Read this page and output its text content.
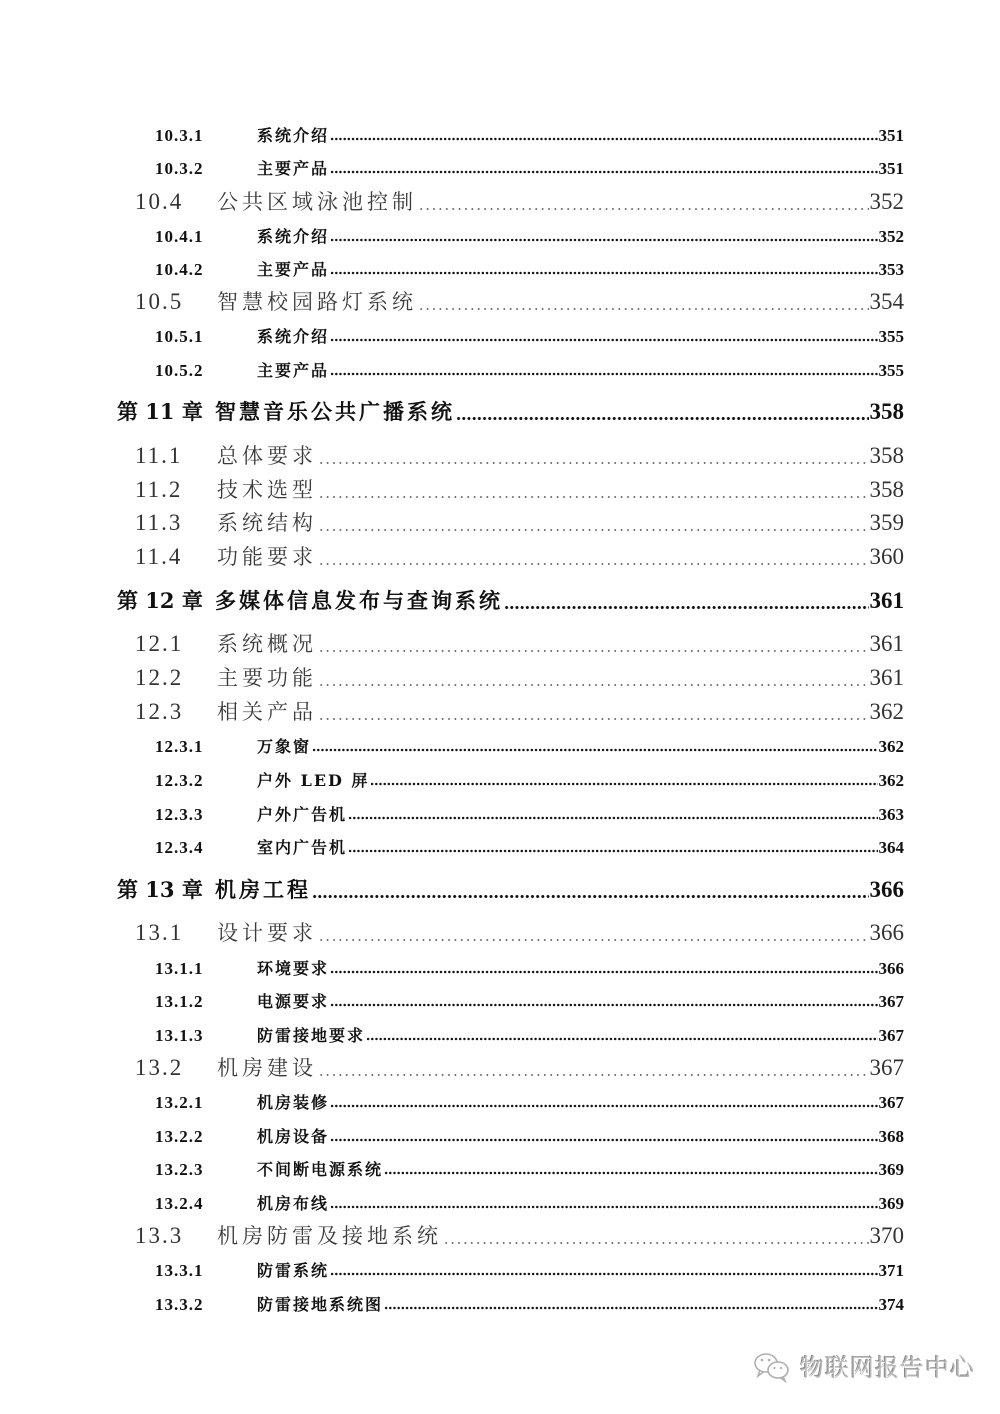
10.3.1	系统介绍	351
10.3.2	主要产品	351
10.4	公共区域泳池控制	352
10.4.1	系统介绍	352
10.4.2	主要产品	353
10.5	智慧校园路灯系统	354
10.5.1	系统介绍	355
10.5.2	主要产品	355
第 11 章 智慧音乐公共广播系统	358
11.1	总体要求	358
11.2	技术选型	358
11.3	系统结构	359
11.4	功能要求	360
第 12 章 多媒体信息发布与查询系统	361
12.1	系统概况	361
12.2	主要功能	361
12.3	相关产品	362
12.3.1	万象窗	362
12.3.2	户外 LED 屏	362
12.3.3	户外广告机	363
12.3.4	室内广告机	364
第 13 章 机房工程	366
13.1	设计要求	366
13.1.1	环境要求	366
13.1.2	电源要求	367
13.1.3	防雷接地要求	367
13.2	机房建设	367
13.2.1	机房装修	367
13.2.2	机房设备	368
13.2.3	不间断电源系统	369
13.2.4	机房布线	369
13.3	机房防雷及接地系统	370
13.3.1	防雷系统	371
13.3.2	防雷接地系统图	374
物联网报告中心
